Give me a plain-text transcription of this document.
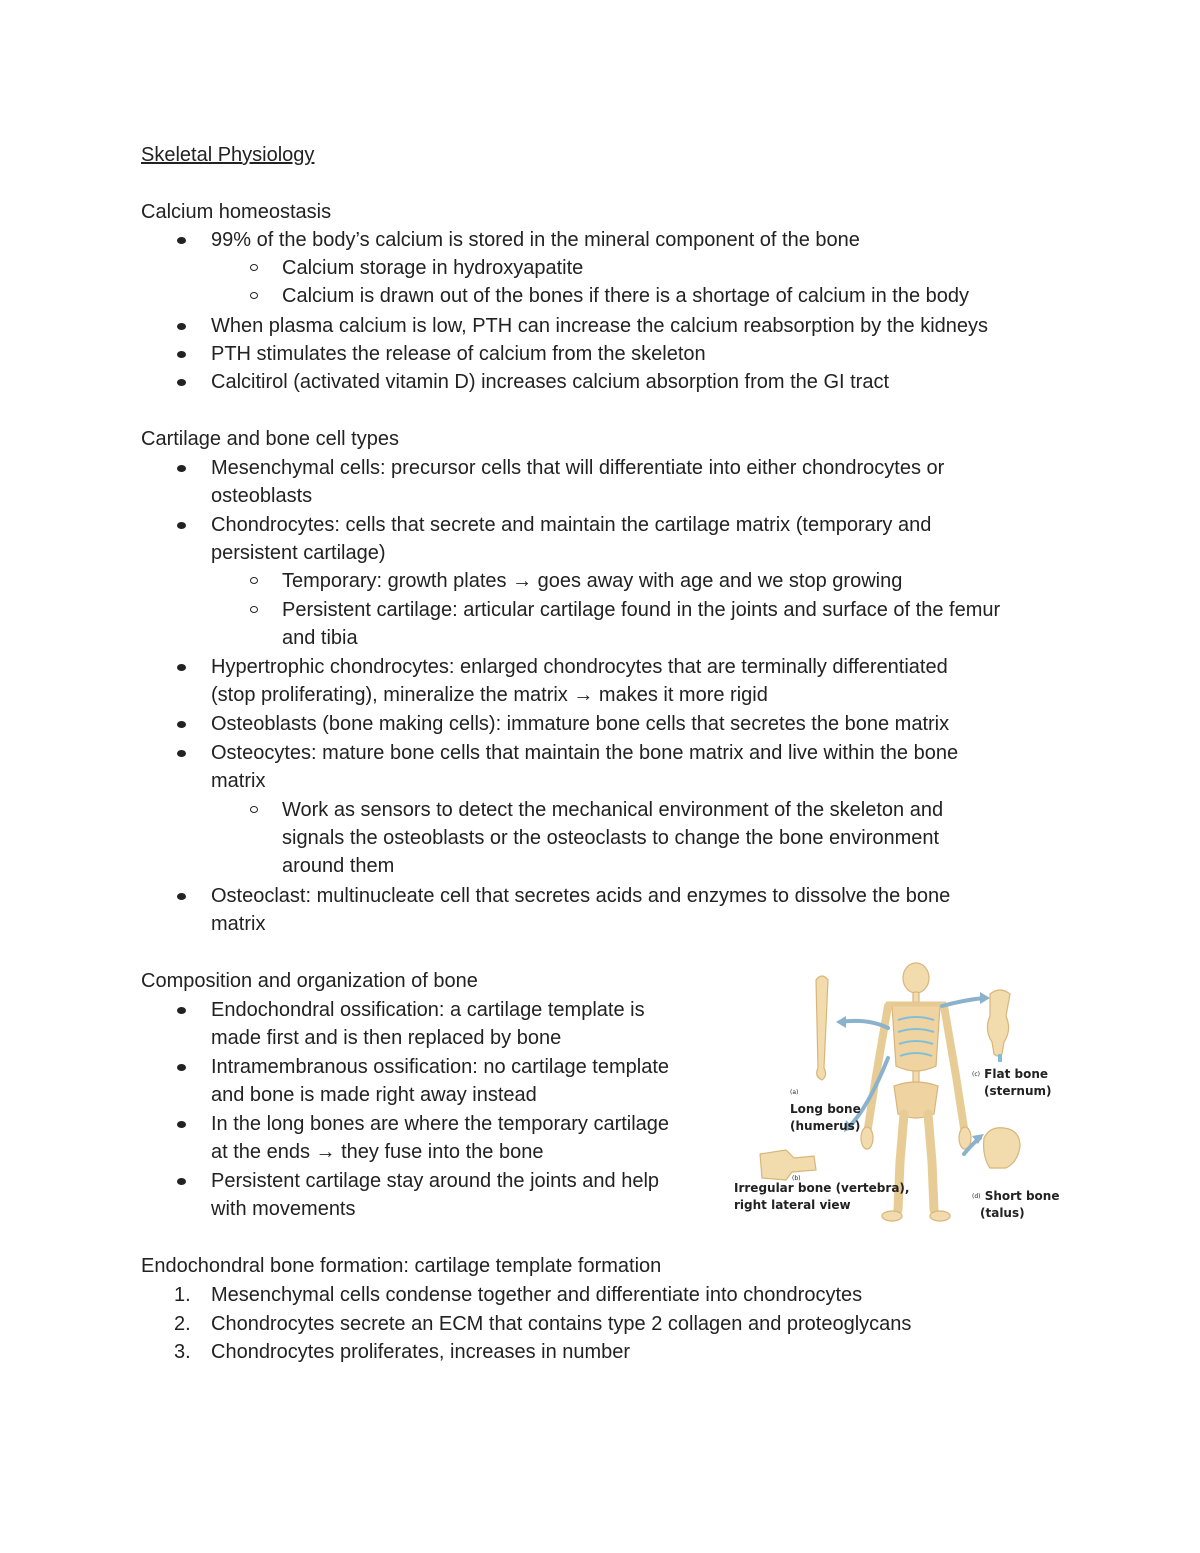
Skeletal Physiology
Calcium homeostasis
99% of the body’s calcium is stored in the mineral component of the bone
Calcium storage in hydroxyapatite
Calcium is drawn out of the bones if there is a shortage of calcium in the body
When plasma calcium is low, PTH can increase the calcium reabsorption by the kidneys
PTH stimulates the release of calcium from the skeleton
Calcitirol (activated vitamin D) increases calcium absorption from the GI tract
Cartilage and bone cell types
Mesenchymal cells: precursor cells that will differentiate into either chondrocytes or
osteoblasts
Chondrocytes: cells that secrete and maintain the cartilage matrix (temporary and
persistent cartilage)
Temporary: growth plates → goes away with age and we stop growing
Persistent cartilage: articular cartilage found in the joints and surface of the femur
and tibia
Hypertrophic chondrocytes: enlarged chondrocytes that are terminally differentiated
(stop proliferating), mineralize the matrix → makes it more rigid
Osteoblasts (bone making cells): immature bone cells that secretes the bone matrix
Osteocytes: mature bone cells that maintain the bone matrix and live within the bone
matrix
Work as sensors to detect the mechanical environment of the skeleton and
signals the osteoblasts or the osteoclasts to change the bone environment
around them
Osteoclast: multinucleate cell that secretes acids and enzymes to dissolve the bone
matrix
Composition and organization of bone
Endochondral ossification: a cartilage template is
made first and is then replaced by bone
Intramembranous ossification: no cartilage template
and bone is made right away instead
In the long bones are where the temporary cartilage
at the ends → they fuse into the bone
Persistent cartilage stay around the joints and help
with movements
$^{(a)}$
Long bone
(humerus)
$^{(c)}$ Flat bone
(sternum)
Irregular bone (vertebra),
right lateral view
$^{(b)}$
$^{(d)}$ Short bone
(talus)
Endochondral bone formation: cartilage template formation
1. Mesenchymal cells condense together and differentiate into chondrocytes
2. Chondrocytes secrete an ECM that contains type 2 collagen and proteoglycans
3. Chondrocytes proliferates, increases in number
